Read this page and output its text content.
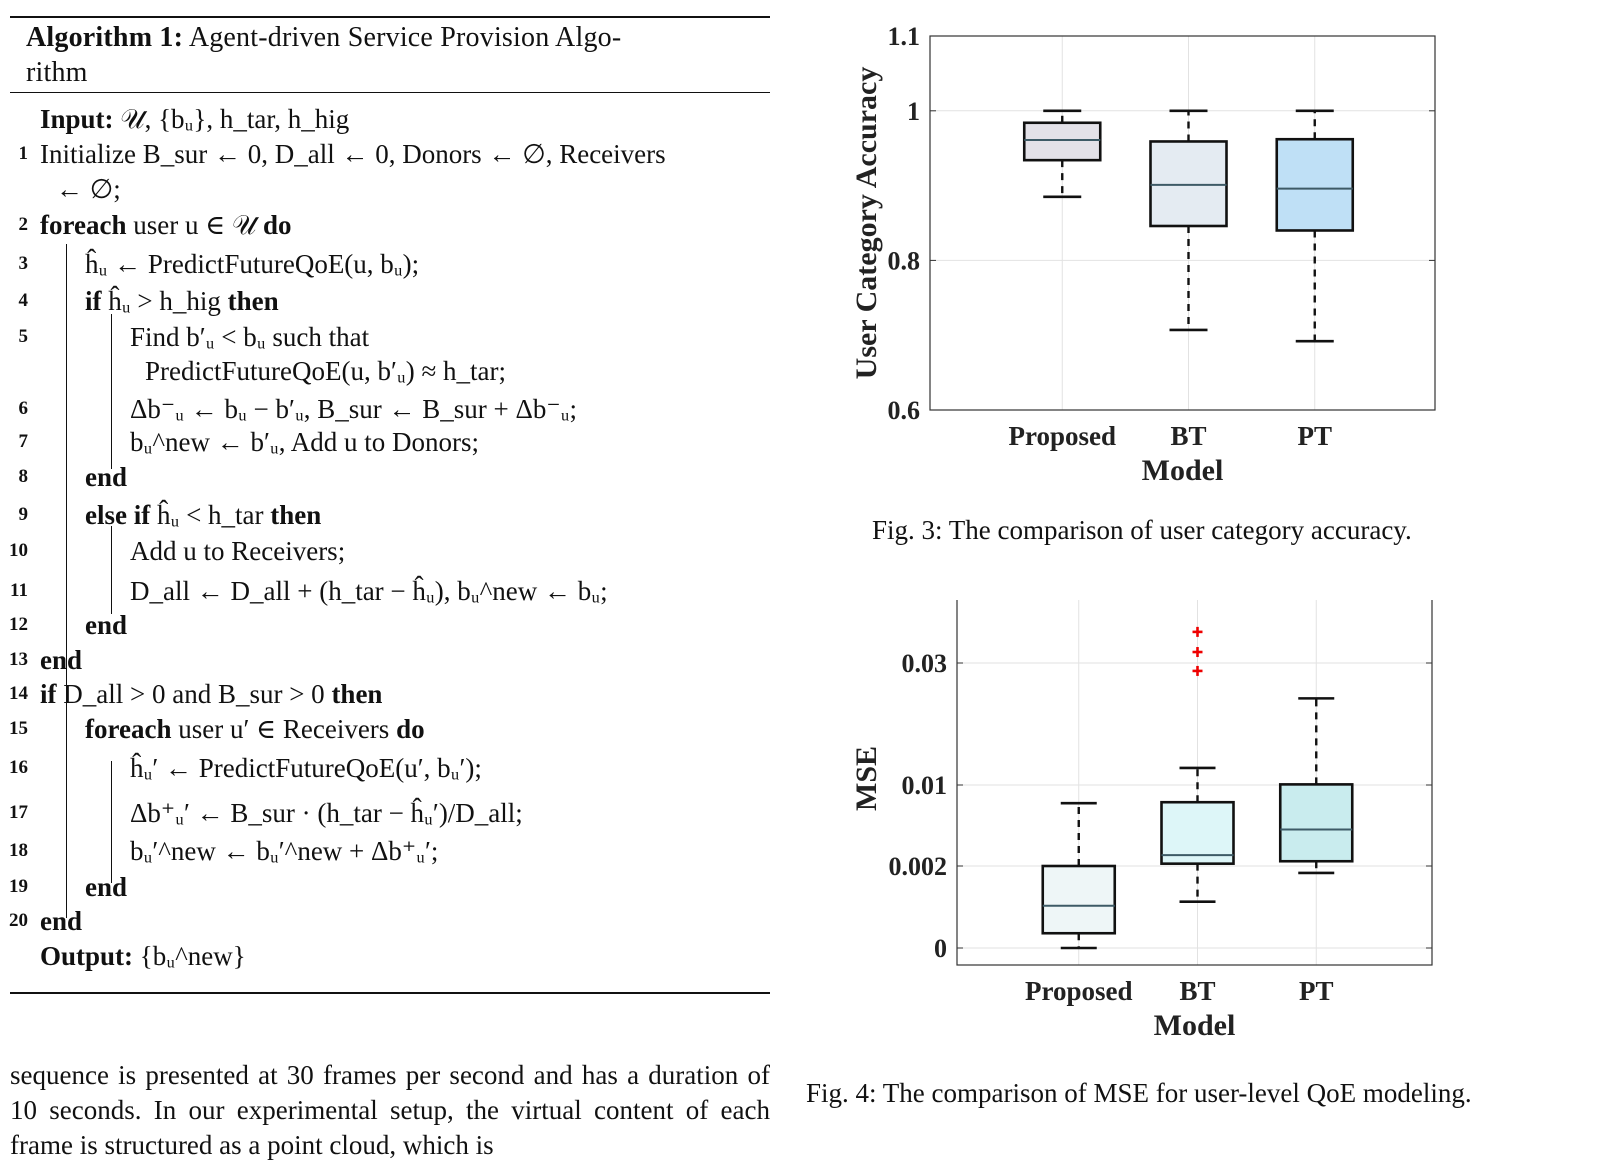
Algorithm 1: Agent-driven Service Provision Algo-
rithm
Input: 𝒰, {bᵤ}, h_tar, h_hig
1 Initialize B_sur ← 0, D_all ← 0, Donors ← ∅, Receivers
← ∅;
2 foreach user u ∈ 𝒰 do
3 ĥᵤ ← PredictFutureQoE(u, bᵤ);
4 if ĥᵤ > h_hig then
5	Find b′ᵤ < bᵤ such that
PredictFutureQoE(u, b′ᵤ) ≈ h_tar;
6	Δb⁻ᵤ ← bᵤ − b′ᵤ, B_sur ← B_sur + Δb⁻ᵤ;
7	bᵤ^new ← b′ᵤ, Add u to Donors;
8 end
9 else if ĥᵤ < h_tar then
10	Add u to Receivers;
11	D_all ← D_all + (h_tar − ĥᵤ), bᵤ^new ← bᵤ;
12 end
13 end
14 if D_all > 0 and B_sur > 0 then
15 foreach user u′ ∈ Receivers do
16	ĥᵤ′ ← PredictFutureQoE(u′, bᵤ′);
17	Δb⁺ᵤ′ ← B_sur · (h_tar − ĥᵤ′)/D_all;
18	bᵤ′^new ← bᵤ′^new + Δb⁺ᵤ′;
19 end
20 end
Output: {bᵤ^new}
sequence is presented at 30 frames per second and has a duration of 10 seconds. In our experimental setup, the virtual content of each frame is structured as a point cloud, which is
0.6
0.8
1
1.1
Proposed BT	PT
Model
User Category Accuracy
Fig. 3: The comparison of user category accuracy.
0
0.002
0.01
0.03
Proposed BT	PT
Model
MSE
Fig. 4: The comparison of MSE for user-level QoE modeling.
